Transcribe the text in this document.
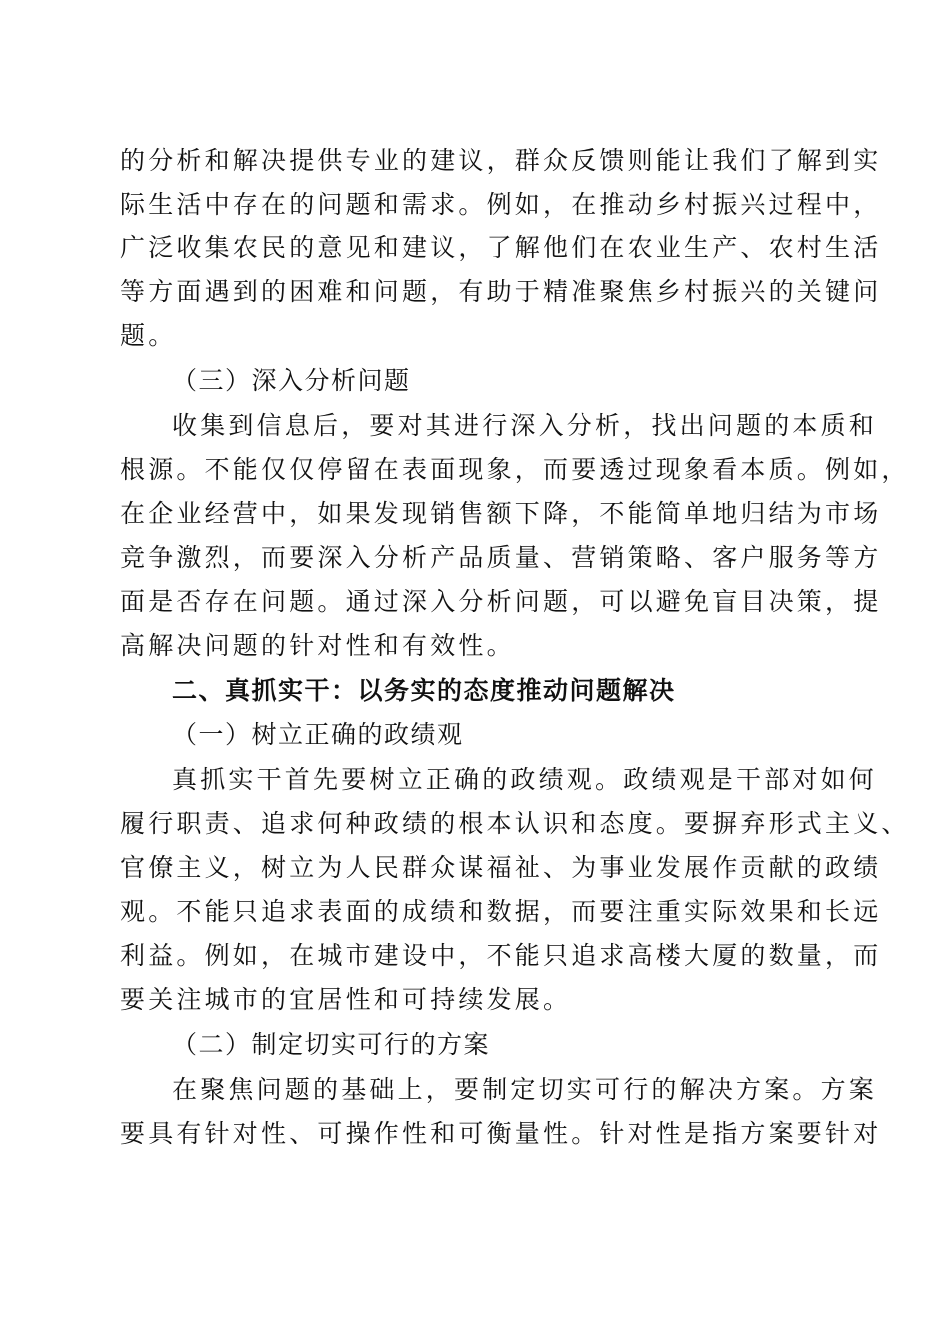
的分析和解决提供专业的建议，群众反馈则能让我们了解到实
际生活中存在的问题和需求。例如，在推动乡村振兴过程中，
广泛收集农民的意见和建议，了解他们在农业生产、农村生活
等方面遇到的困难和问题，有助于精准聚焦乡村振兴的关键问
题。
（三）深入分析问题
收集到信息后，要对其进行深入分析，找出问题的本质和
根源。不能仅仅停留在表面现象，而要透过现象看本质。例如，
在企业经营中，如果发现销售额下降，不能简单地归结为市场
竞争激烈，而要深入分析产品质量、营销策略、客户服务等方
面是否存在问题。通过深入分析问题，可以避免盲目决策，提
高解决问题的针对性和有效性。
二、真抓实干：以务实的态度推动问题解决
（一）树立正确的政绩观
真抓实干首先要树立正确的政绩观。政绩观是干部对如何
履行职责、追求何种政绩的根本认识和态度。要摒弃形式主义、
官僚主义，树立为人民群众谋福祉、为事业发展作贡献的政绩
观。不能只追求表面的成绩和数据，而要注重实际效果和长远
利益。例如，在城市建设中，不能只追求高楼大厦的数量，而
要关注城市的宜居性和可持续发展。
（二）制定切实可行的方案
在聚焦问题的基础上，要制定切实可行的解决方案。方案
要具有针对性、可操作性和可衡量性。针对性是指方案要针对
